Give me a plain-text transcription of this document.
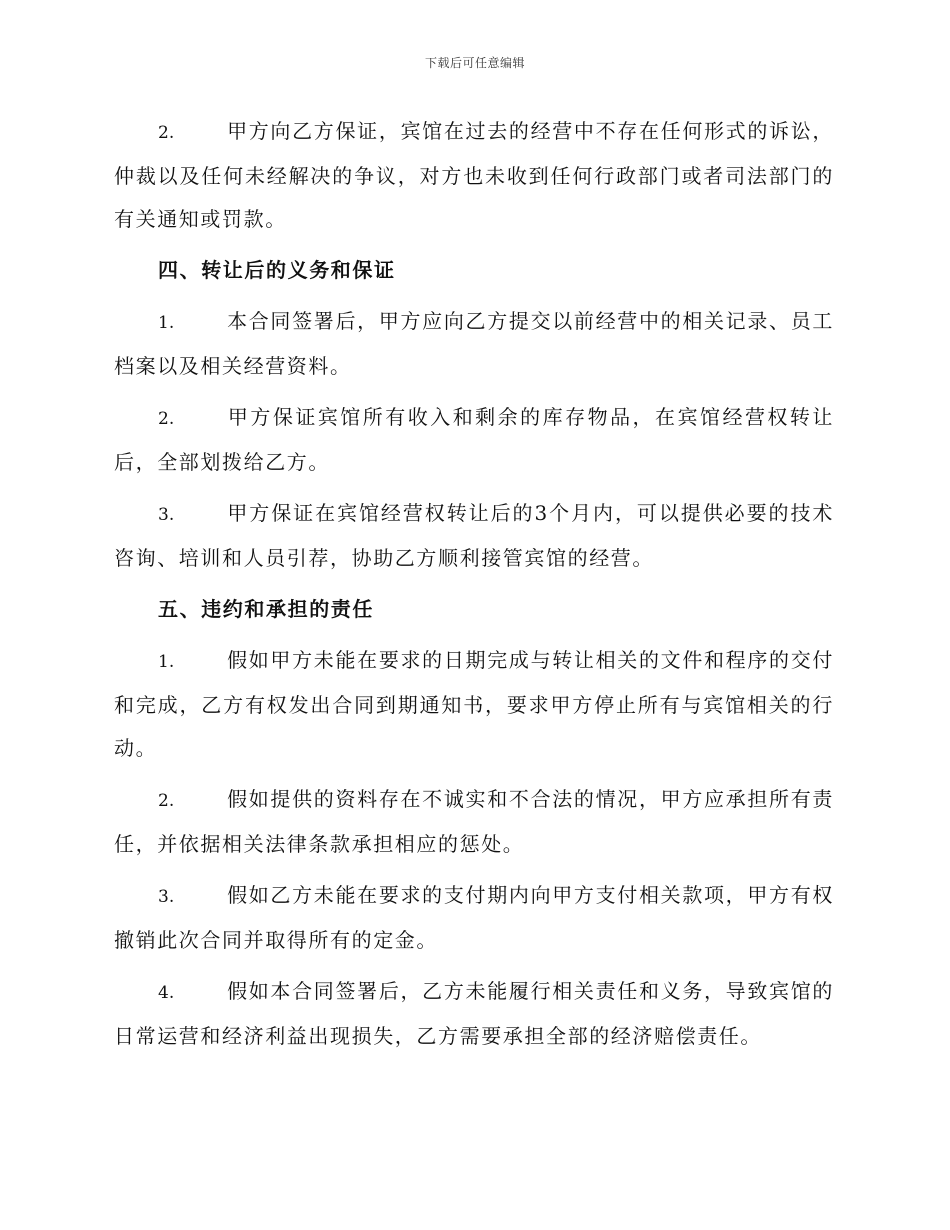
下载后可任意编辑

2.	甲方向乙方保证，宾馆在过去的经营中不存在任何形式的诉讼，仲裁以及任何未经解决的争议，对方也未收到任何行政部门或者司法部门的有关通知或罚款。

四、转让后的义务和保证

1.	本合同签署后，甲方应向乙方提交以前经营中的相关记录、员工档案以及相关经营资料。

2.	甲方保证宾馆所有收入和剩余的库存物品，在宾馆经营权转让后，全部划拨给乙方。

3.	甲方保证在宾馆经营权转让后的3个月内，可以提供必要的技术咨询、培训和人员引荐，协助乙方顺利接管宾馆的经营。

五、违约和承担的责任

1.	假如甲方未能在要求的日期完成与转让相关的文件和程序的交付和完成，乙方有权发出合同到期通知书，要求甲方停止所有与宾馆相关的行动。

2.	假如提供的资料存在不诚实和不合法的情况，甲方应承担所有责任，并依据相关法律条款承担相应的惩处。

3.	假如乙方未能在要求的支付期内向甲方支付相关款项，甲方有权撤销此次合同并取得所有的定金。

4.	假如本合同签署后，乙方未能履行相关责任和义务，导致宾馆的日常运营和经济利益出现损失，乙方需要承担全部的经济赔偿责任。
